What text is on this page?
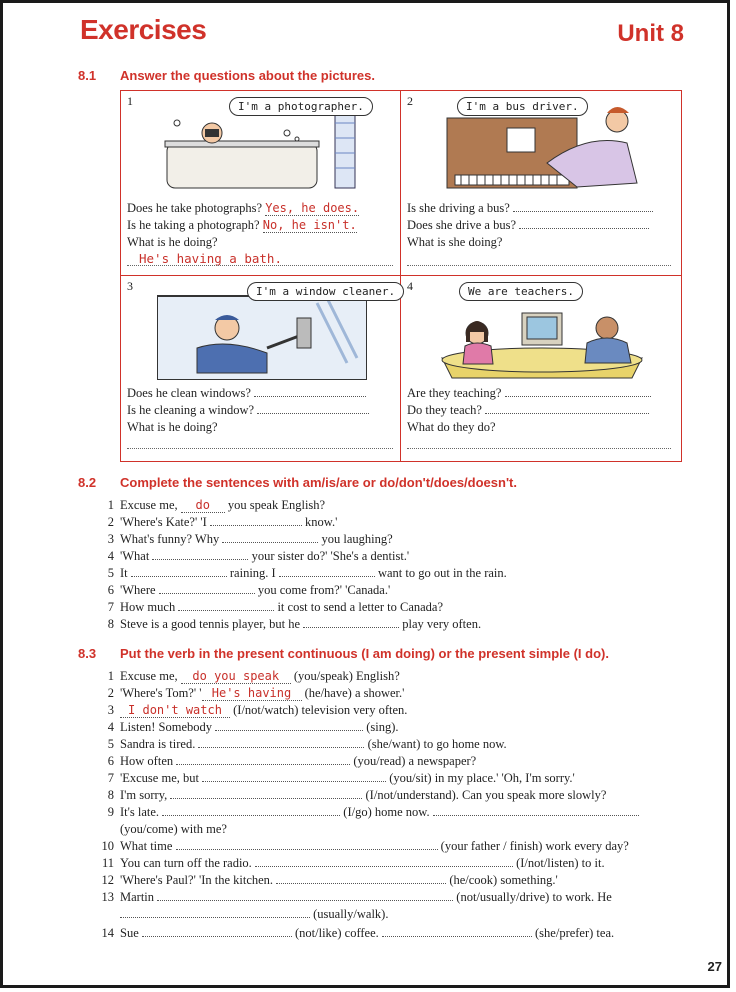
Exercises	Unit 8
8.1 Answer the questions about the pictures.
1	I'm a photographer.
Does he take photographs? Yes, he does.
Is he taking a photograph? No, he isn't.
What is he doing?
He's having a bath.
2	I'm a bus driver.
Is she driving a bus?
Does she drive a bus?
What is she doing?
3	I'm a window cleaner.
Does he clean windows?
Is he cleaning a window?
What is he doing?
4	We are teachers.
Are they teaching?
Do they teach?
What do they do?
8.2 Complete the sentences with am/is/are or do/don't/does/doesn't.
1 Excuse me, do you speak English?
2 'Where's Kate?' 'I	know.'
3 What's funny? Why	you laughing?
4 'What	your sister do?' 'She's a dentist.'
5 It	raining. I	want to go out in the rain.
6 'Where	you come from?' 'Canada.'
7 How much	it cost to send a letter to Canada?
8 Steve is a good tennis player, but he	play very often.
8.3 Put the verb in the present continuous (I am doing) or the present simple (I do).
1 Excuse me, do you speak (you/speak) English?
2 'Where's Tom?' ' He's having (he/have) a shower.'
3 I don't watch (I/not/watch) television very often.
4 Listen! Somebody	(sing).
5 Sandra is tired.	(she/want) to go home now.
6 How often	(you/read) a newspaper?
7 'Excuse me, but	(you/sit) in my place.' 'Oh, I'm sorry.'
8 I'm sorry,	(I/not/understand). Can you speak more slowly?
9 It's late.	(I/go) home now.
(you/come) with me?
10 What time	(your father / finish) work every day?
11 You can turn off the radio.	(I/not/listen) to it.
12 'Where's Paul?' 'In the kitchen.	(he/cook) something.'
13 Martin	(not/usually/drive) to work. He
(usually/walk).
14 Sue	(not/like) coffee.	(she/prefer) tea.
27
